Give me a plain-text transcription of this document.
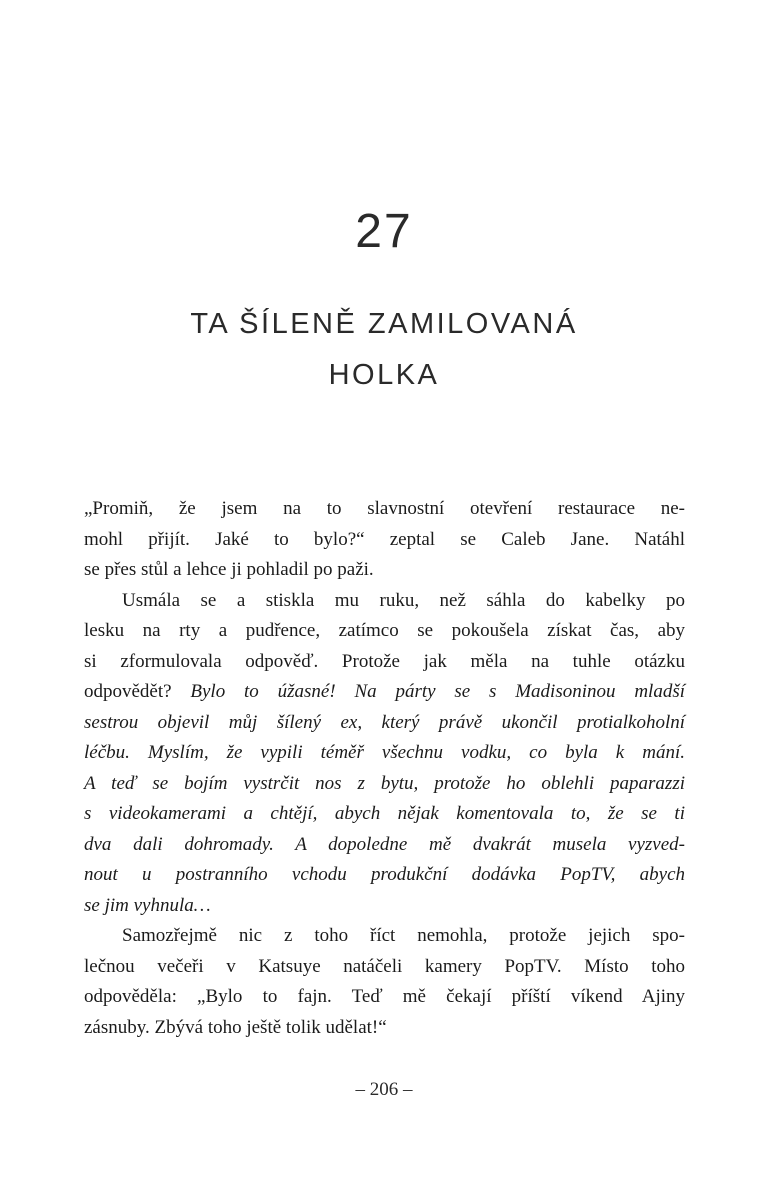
27
TA ŠÍLENĚ ZAMILOVANÁ
HOLKA
„Promiň, že jsem na to slavnostní otevření restaurace ne-
mohl přijít. Jaké to bylo?“ zeptal se Caleb Jane. Natáhl
se přes stůl a lehce ji pohladil po paži.
Usmála se a stiskla mu ruku, než sáhla do kabelky po
lesku na rty a pudřence, zatímco se pokoušela získat čas, aby
si zformulovala odpověď. Protože jak měla na tuhle otázku
odpovědět? Bylo to úžasné! Na párty se s Madisoninou mladší
sestrou objevil můj šílený ex, který právě ukončil protialkoholní
léčbu. Myslím, že vypili téměř všechnu vodku, co byla k mání.
A teď se bojím vystrčit nos z bytu, protože ho oblehli paparazzi
s videokamerami a chtějí, abych nějak komentovala to, že se ti
dva dali dohromady. A dopoledne mě dvakrát musela vyzved-
nout u postranního vchodu produkční dodávka PopTV, abych
se jim vyhnula…
Samozřejmě nic z toho říct nemohla, protože jejich spo-
lečnou večeři v Katsuye natáčeli kamery PopTV. Místo toho
odpověděla: „Bylo to fajn. Teď mě čekají příští víkend Ajiny
zásnuby. Zbývá toho ještě tolik udělat!“
– 206 –
